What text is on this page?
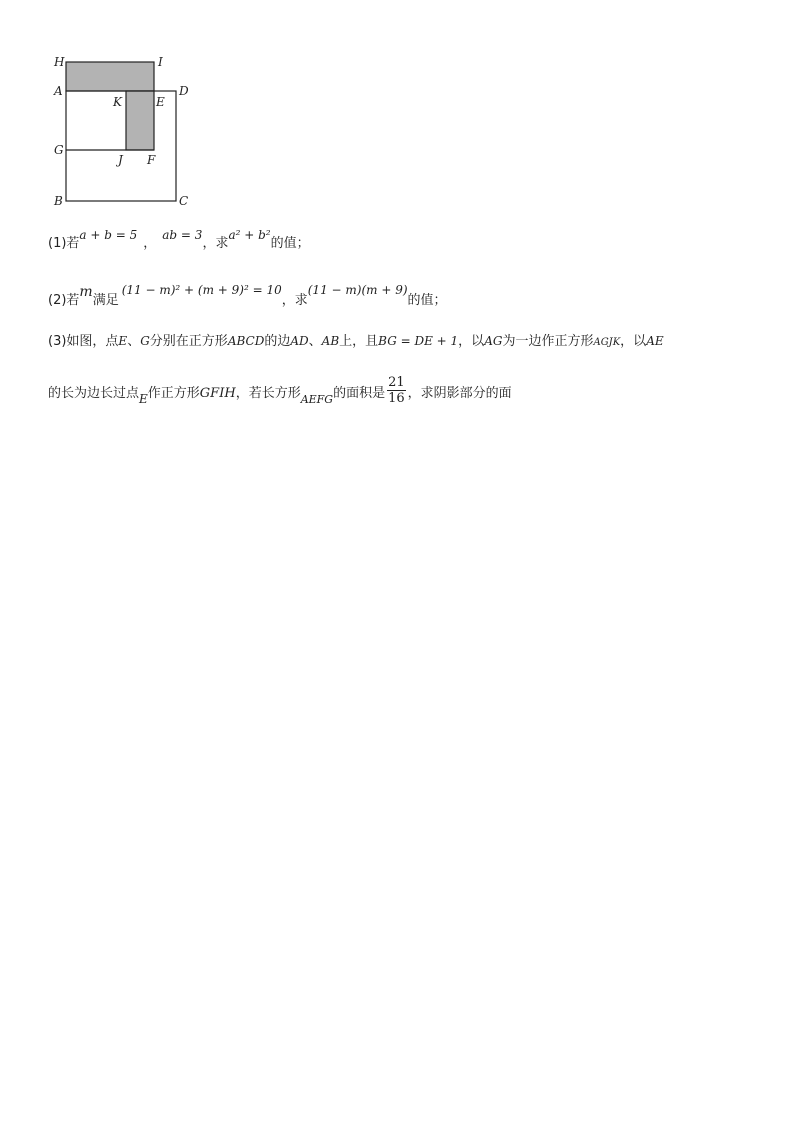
H	I
A
K	E
D
G
J F
B	C
(1)若a + b = 5，ab = 3，求a² + b²的值；
(2)若m满足(11 − m)² + (m + 9)² = 10，求(11 − m)(m + 9)的值；
(3)如图，点E、G分别在正方形ABCD的边AD、AB上，且BG = DE + 1，以AG为一边作正方形AGJK，以AE
的长为边长过点E作正方形GFIH，若长方形$_{AEFG}$的面积是 $\frac{21}{16}$ ，求阴影部分的面
